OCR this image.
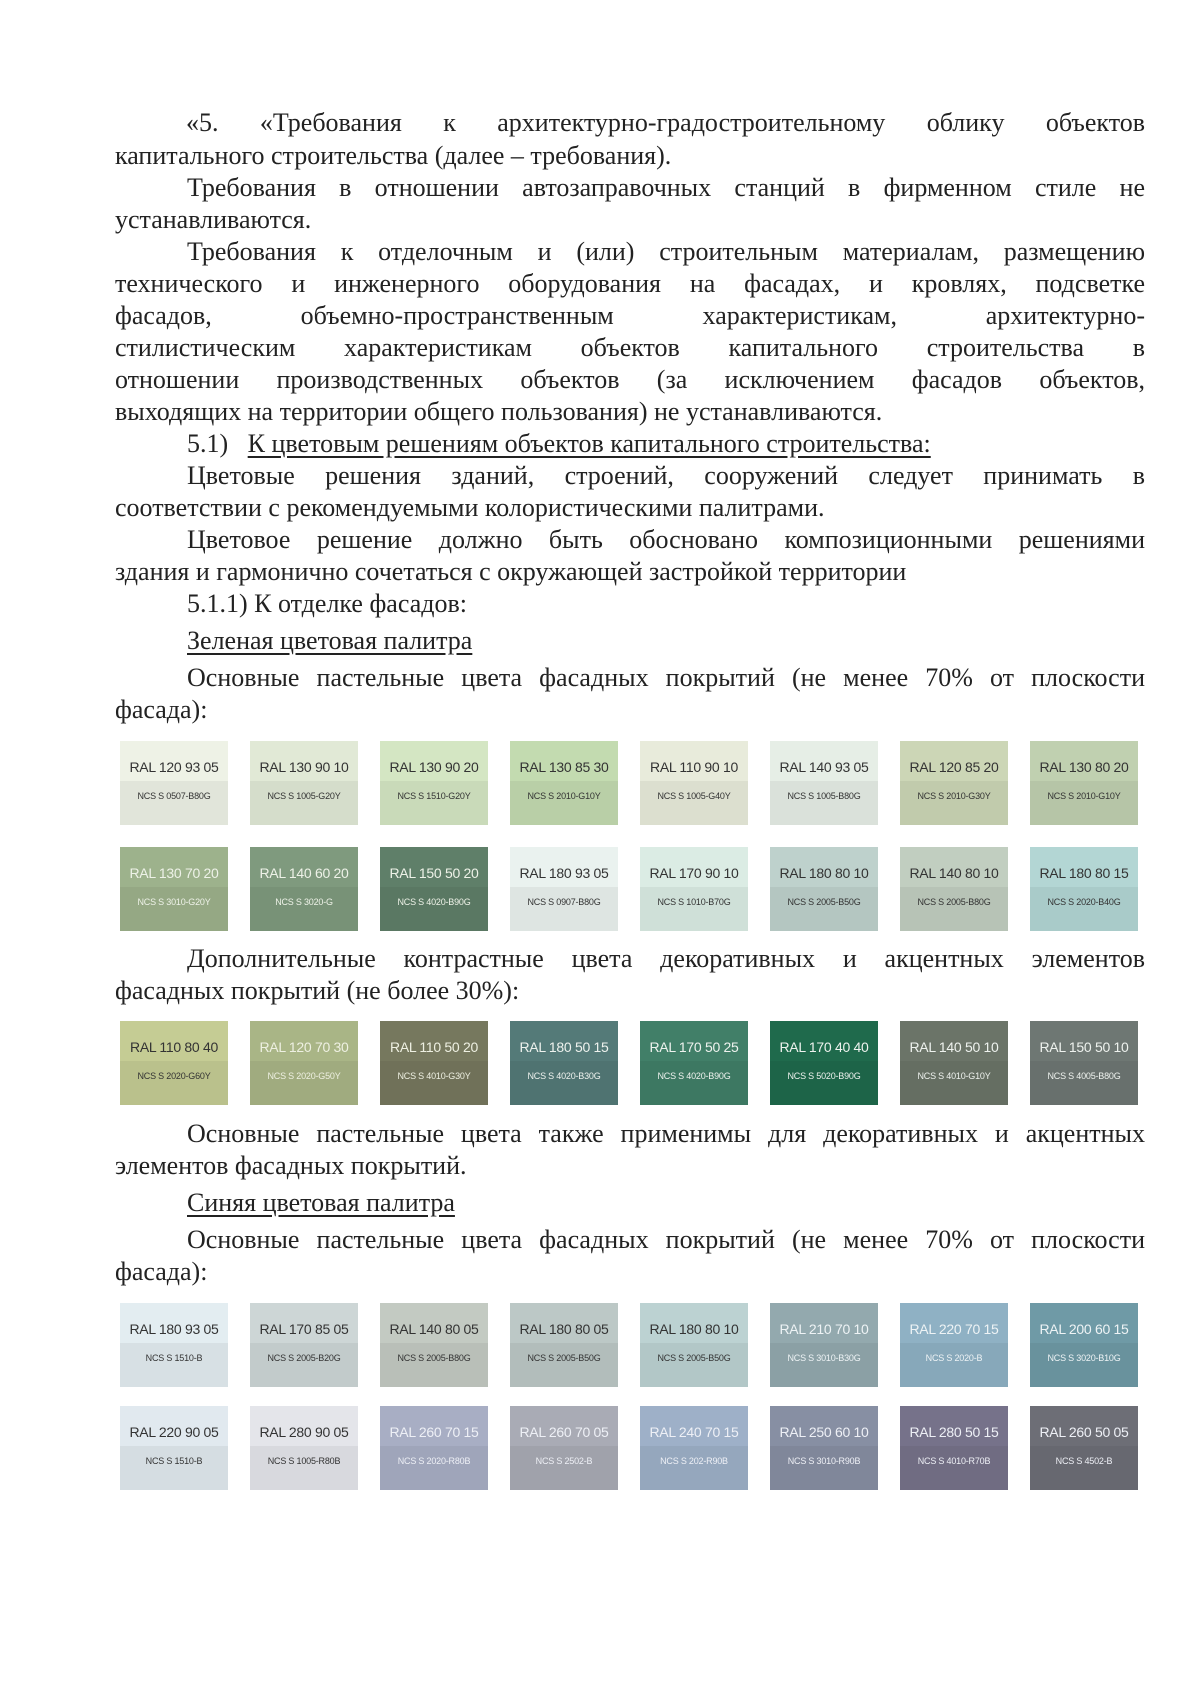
«5. «Требования к архитектурно-градостроительному облику объектов
капитального строительства (далее – требования).
Требования в отношении автозаправочных станций в фирменном стиле не
устанавливаются.
Требования к отделочным и (или) строительным материалам, размещению
технического и инженерного оборудования на фасадах, и кровлях, подсветке
фасадов, объемно-пространственным характеристикам, архитектурно-
стилистическим характеристикам объектов капитального строительства в
отношении производственных объектов (за исключением фасадов объектов,
выходящих на территории общего пользования) не устанавливаются.
5.1) К цветовым решениям объектов капитального строительства:
Цветовые решения зданий, строений, сооружений следует принимать в
соответствии с рекомендуемыми колористическими палитрами.
Цветовое решение должно быть обосновано композиционными решениями
здания и гармонично сочетаться с окружающей застройкой территории
5.1.1) К отделке фасадов:
Зеленая цветовая палитра
Основные пастельные цвета фасадных покрытий (не менее 70% от плоскости
фасада):
RAL 120 93 05
NCS S 0507-B80G
RAL 130 90 10
NCS S 1005-G20Y
RAL 130 90 20
NCS S 1510-G20Y
RAL 130 85 30
NCS S 2010-G10Y
RAL 110 90 10
NCS S 1005-G40Y
RAL 140 93 05
NCS S 1005-B80G
RAL 120 85 20
NCS S 2010-G30Y
RAL 130 80 20
NCS S 2010-G10Y
RAL 130 70 20
NCS S 3010-G20Y
RAL 140 60 20
NCS S 3020-G
RAL 150 50 20
NCS S 4020-B90G
RAL 180 93 05
NCS S 0907-B80G
RAL 170 90 10
NCS S 1010-B70G
RAL 180 80 10
NCS S 2005-B50G
RAL 140 80 10
NCS S 2005-B80G
RAL 180 80 15
NCS S 2020-B40G
Дополнительные контрастные цвета декоративных и акцентных элементов
фасадных покрытий (не более 30%):
RAL 110 80 40
NCS S 2020-G60Y
RAL 120 70 30
NCS S 2020-G50Y
RAL 110 50 20
NCS S 4010-G30Y
RAL 180 50 15
NCS S 4020-B30G
RAL 170 50 25
NCS S 4020-B90G
RAL 170 40 40
NCS S 5020-B90G
RAL 140 50 10
NCS S 4010-G10Y
RAL 150 50 10
NCS S 4005-B80G
Основные пастельные цвета также применимы для декоративных и акцентных
элементов фасадных покрытий.
Синяя цветовая палитра
Основные пастельные цвета фасадных покрытий (не менее 70% от плоскости
фасада):
RAL 180 93 05
NCS S 1510-B
RAL 170 85 05
NCS S 2005-B20G
RAL 140 80 05
NCS S 2005-B80G
RAL 180 80 05
NCS S 2005-B50G
RAL 180 80 10
NCS S 2005-B50G
RAL 210 70 10
NCS S 3010-B30G
RAL 220 70 15
NCS S 2020-B
RAL 200 60 15
NCS S 3020-B10G
RAL 220 90 05
NCS S 1510-B
RAL 280 90 05
NCS S 1005-R80B
RAL 260 70 15
NCS S 2020-R80B
RAL 260 70 05
NCS S 2502-B
RAL 240 70 15
NCS S 202-R90B
RAL 250 60 10
NCS S 3010-R90B
RAL 280 50 15
NCS S 4010-R70B
RAL 260 50 05
NCS S 4502-B
